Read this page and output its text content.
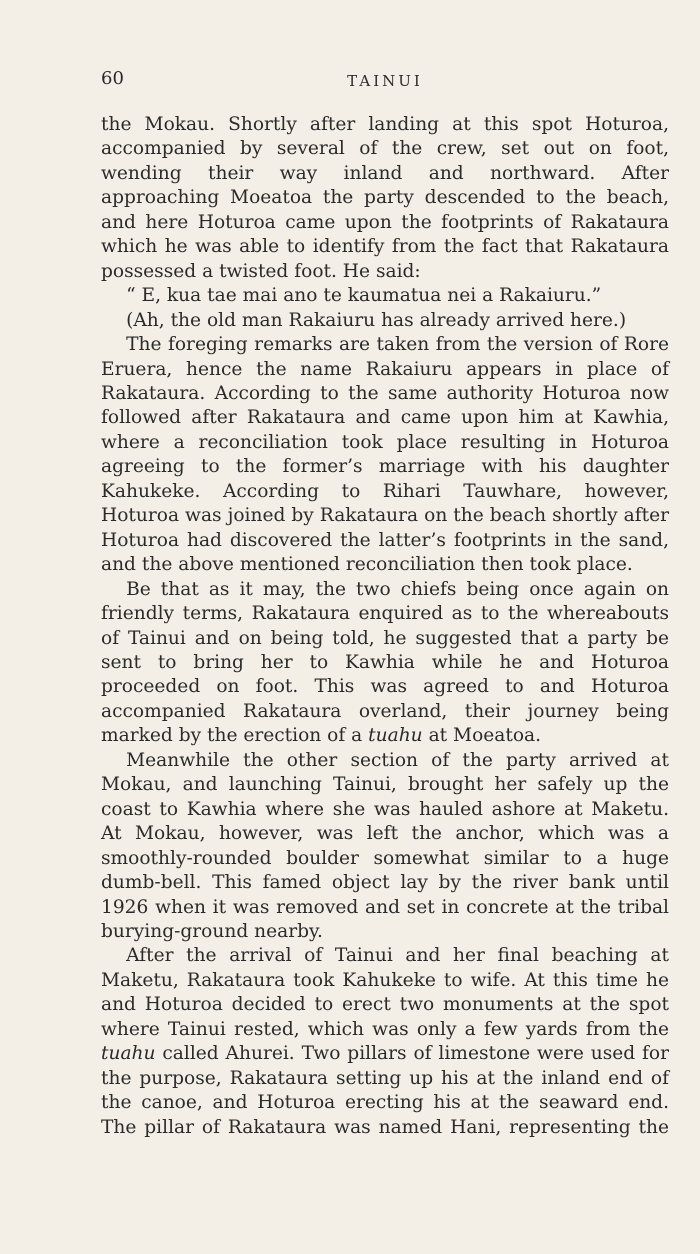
60	TAINUI

the Mokau. Shortly after landing at this spot Hoturoa, accompanied by several of the crew, set out on foot, wending their way inland and northward. After approaching Moeatoa the party descended to the beach, and here Hoturoa came upon the footprints of Rakataura which he was able to identify from the fact that Rakataura possessed a twisted foot. He said:

“ E, kua tae mai ano te kaumatua nei a Rakaiuru.”

(Ah, the old man Rakaiuru has already arrived here.)

The foreging remarks are taken from the version of Rore Eruera, hence the name Rakaiuru appears in place of Rakataura. According to the same authority Hoturoa now followed after Rakataura and came upon him at Kawhia, where a reconciliation took place resulting in Hoturoa agreeing to the former’s marriage with his daughter Kahukeke. According to Rihari Tauwhare, however, Hoturoa was joined by Rakataura on the beach shortly after Hoturoa had discovered the latter’s footprints in the sand, and the above mentioned reconciliation then took place.

Be that as it may, the two chiefs being once again on friendly terms, Rakataura enquired as to the whereabouts of Tainui and on being told, he suggested that a party be sent to bring her to Kawhia while he and Hoturoa proceeded on foot. This was agreed to and Hoturoa accompanied Rakataura overland, their journey being marked by the erection of a tuahu at Moeatoa.

Meanwhile the other section of the party arrived at Mokau, and launching Tainui, brought her safely up the coast to Kawhia where she was hauled ashore at Maketu. At Mokau, however, was left the anchor, which was a smoothly-rounded boulder somewhat similar to a huge dumb-bell. This famed object lay by the river bank until 1926 when it was removed and set in concrete at the tribal burying-ground nearby.

After the arrival of Tainui and her final beaching at Maketu, Rakataura took Kahukeke to wife. At this time he and Hoturoa decided to erect two monuments at the spot where Tainui rested, which was only a few yards from the tuahu called Ahurei. Two pillars of limestone were used for the purpose, Rakataura setting up his at the inland end of the canoe, and Hoturoa erecting his at the seaward end. The pillar of Rakataura was named Hani, representing the
